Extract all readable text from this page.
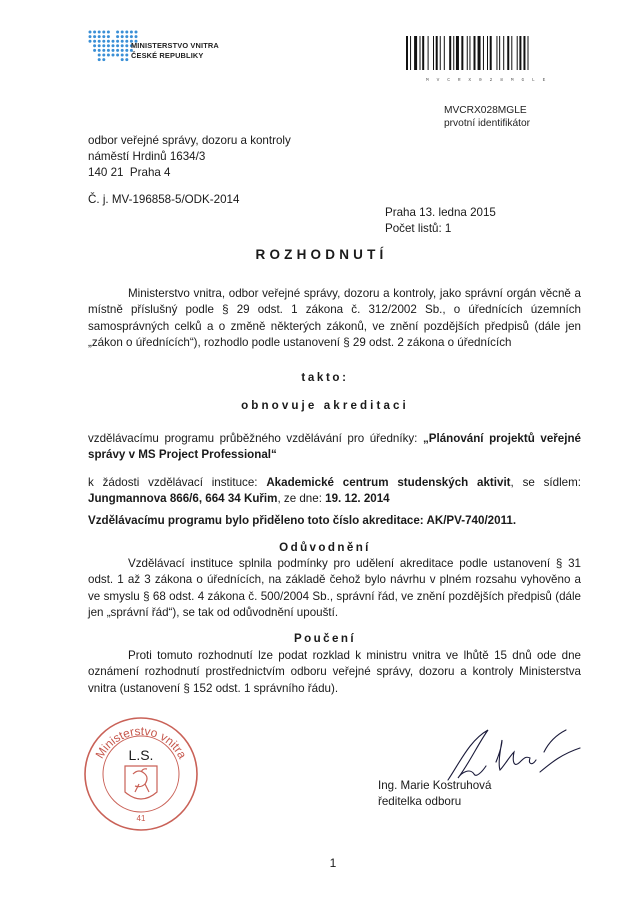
MINISTERSTVO VNITRA
ČESKÉ REPUBLIKY
M V C R X 0 2 8 M G L E
MVCRX028MGLE
prvotní identifikátor
odbor veřejné správy, dozoru a kontroly
náměstí Hrdinů 1634/3
140 21  Praha 4
Č. j. MV-196858-5/ODK-2014
Praha 13. ledna 2015
Počet listů: 1
ROZHODNUTÍ
Ministerstvo vnitra, odbor veřejné správy, dozoru a kontroly, jako správní orgán věcně a místně příslušný podle § 29 odst. 1 zákona č. 312/2002 Sb., o úřednících územních samosprávných celků a o změně některých zákonů, ve znění pozdějších předpisů (dále jen „zákon o úřednících“), rozhodlo podle ustanovení § 29 odst. 2 zákona o úřednících
takto:
obnovuje akreditaci
vzdělávacímu programu průběžného vzdělávání pro úředníky: „Plánování projektů veřejné správy v MS Project Professional“
k žádosti vzdělávací instituce: Akademické centrum studenských aktivit, se sídlem: Jungmannova 866/6, 664 34 Kuřim, ze dne: 19. 12. 2014
Vzdělávacímu programu bylo přiděleno toto číslo akreditace: AK/PV-740/2011.
Odůvodnění
Vzdělávací instituce splnila podmínky pro udělení akreditace podle ustanovení § 31 odst. 1 až 3 zákona o úřednících, na základě čehož bylo návrhu v plném rozsahu vyhověno a ve smyslu § 68 odst. 4 zákona č. 500/2004 Sb., správní řád, ve znění pozdějších předpisů (dále jen „správní řád“), se tak od odůvodnění upouští.
Poučení
Proti tomuto rozhodnutí lze podat rozklad k ministru vnitra ve lhůtě 15 dnů ode dne oznámení rozhodnutí prostřednictvím odboru veřejné správy, dozoru a kontroly Ministerstva vnitra (ustanovení § 152 odst. 1 správního řádu).
Ministerstvo vnitra
L.S.
41
Ing. Marie Kostruhová
ředitelka odboru
1
